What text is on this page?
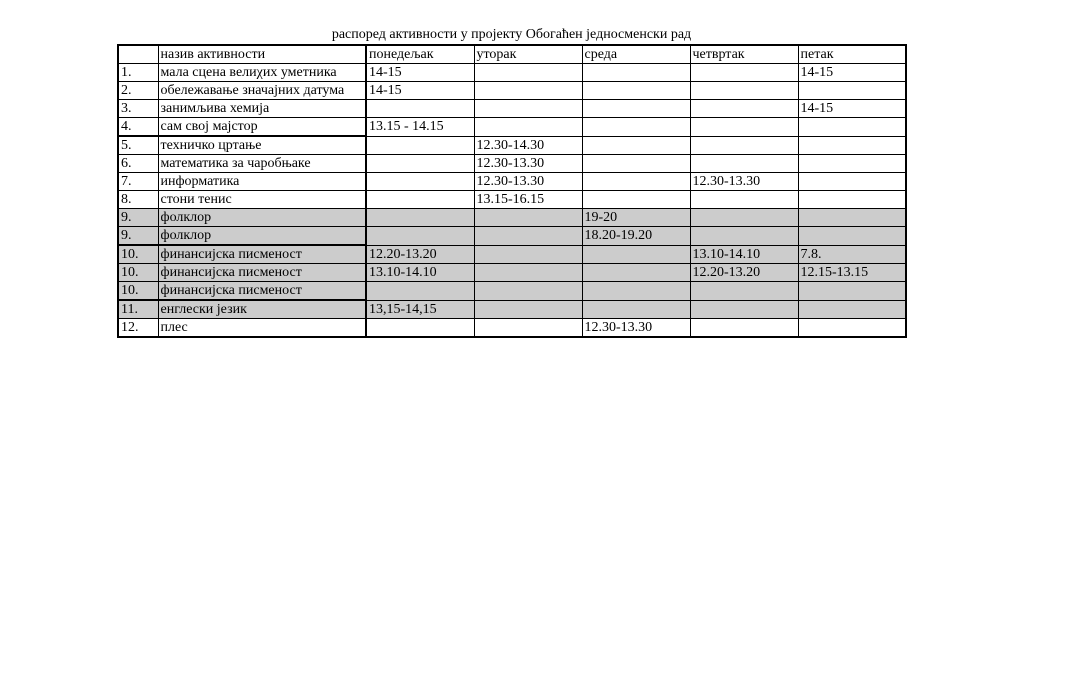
распоред активности у пројекту Обогаћен једносменски рад
	назив активности	понедељак	уторак	среда	четвртак	петак
1.	мала сцена велиχих уметника	14-15				14-15
2.	обележавање значајних датума	14-15				
3.	занимљива хемија					14-15
4.	сам свој мајстор	13.15 - 14.15				
5.	техничко цртање		12.30-14.30			
6.	математика за чаробњаке		12.30-13.30			
7.	информатика		12.30-13.30		12.30-13.30	
8.	стони тенис		13.15-16.15			
9.	фолклор			19-20		
9.	фолклор			18.20-19.20		
10.	финансијска писменост	12.20-13.20			13.10-14.10	7.8.
10.	финансијска писменост	13.10-14.10			12.20-13.20	12.15-13.15
10.	финансијска писменост					
11.	енглески језик	13,15-14,15				
12.	плес			12.30-13.30		
